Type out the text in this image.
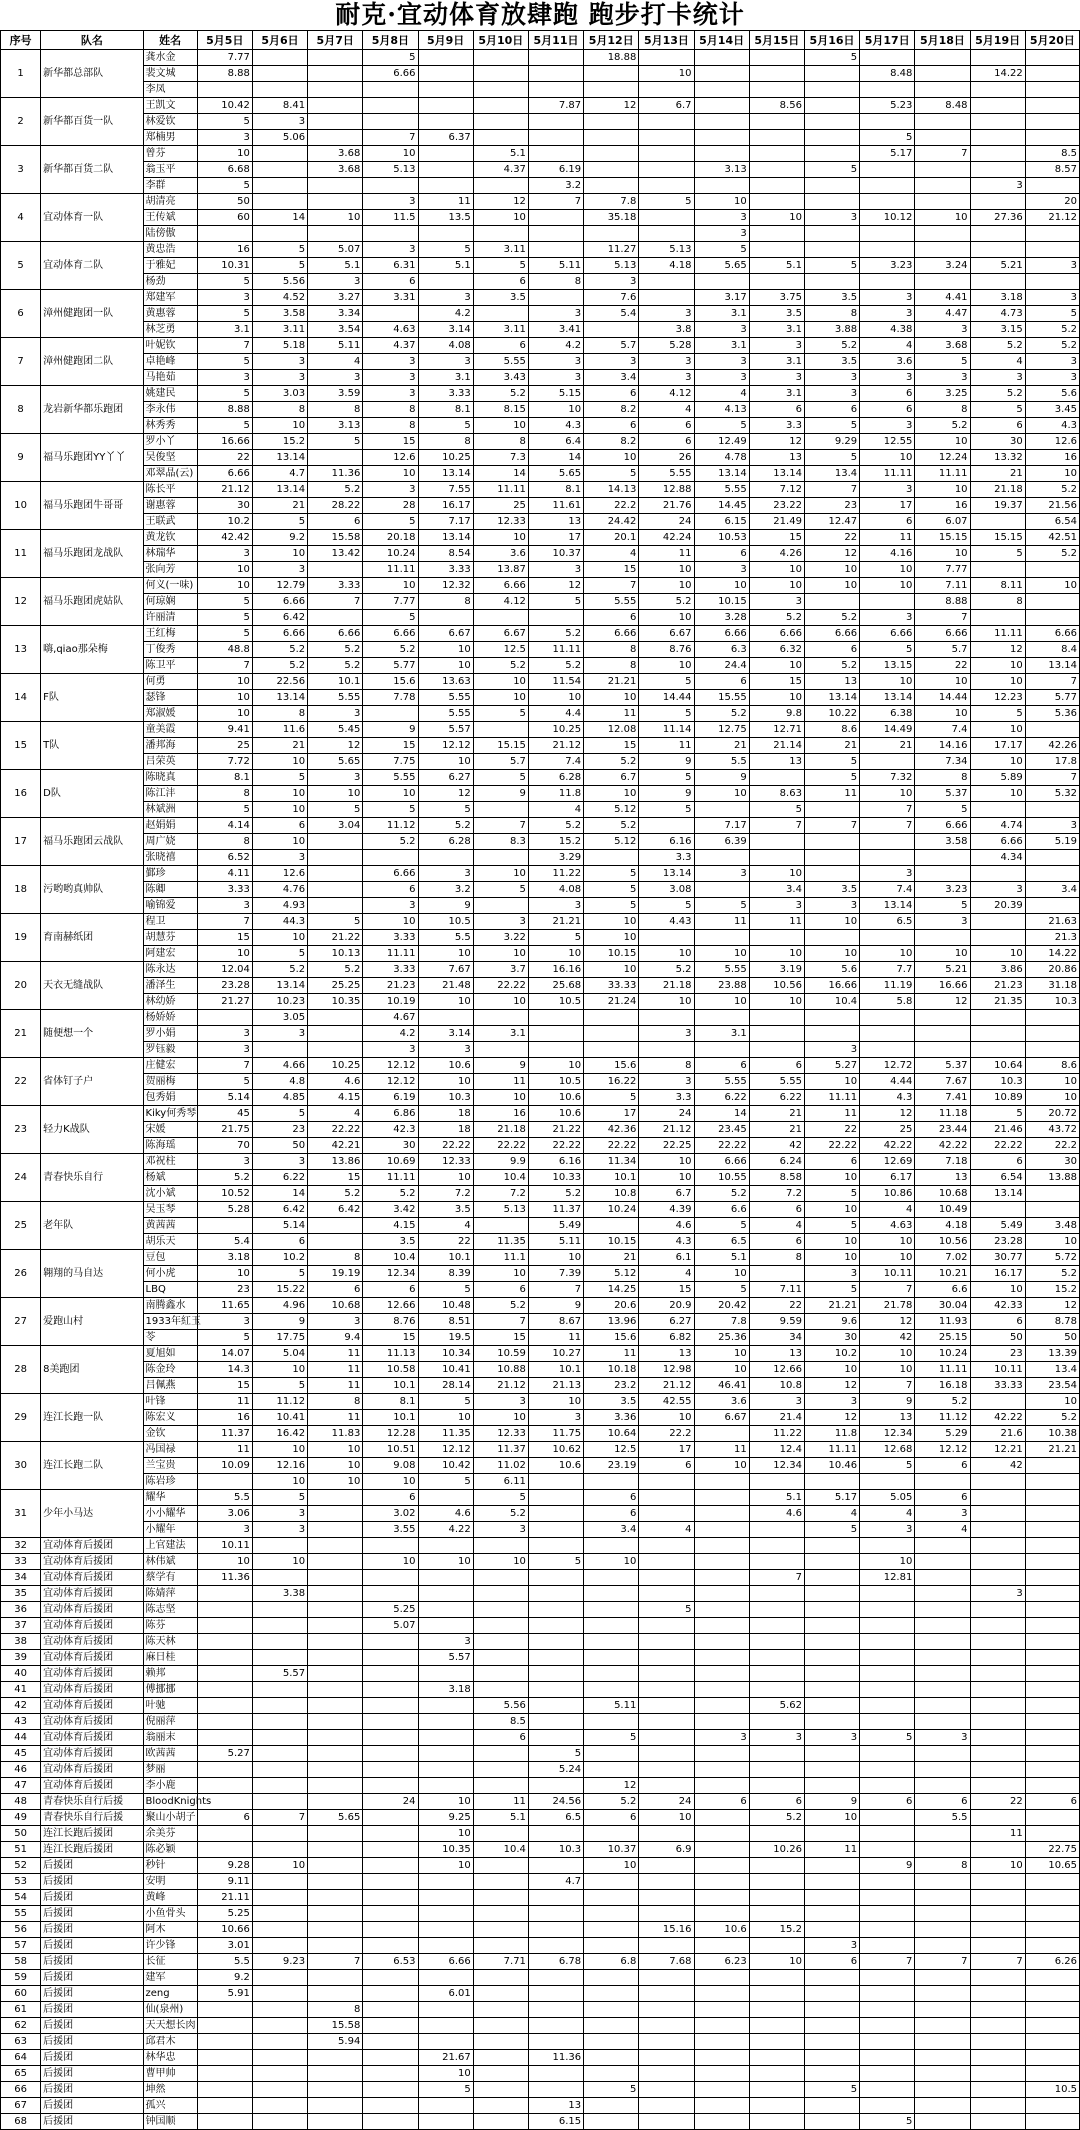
耐克·宜动体育放肆跑 跑步打卡统计
序号	队名	姓名	5月5日	5月6日	5月7日	5月8日	5月9日	5月10日	5月11日	5月12日	5月13日	5月14日	5月15日	5月16日	5月17日	5月18日	5月19日	5月20日
1	新华都总部队	龚水金	7.77			5				18.88				5				
		裴文城	8.88			6.66					10				8.48		14.22	
		李凤																
2	新华都百货一队	王凯文	10.42	8.41					7.87	12	6.7		8.56		5.23	8.48		
		林爱钦	5	3														
		郑楠男	3	5.06		7	6.37								5			
3	新华都百货二队	曾芬	10		3.68	10		5.1							5.17	7		8.5
		翁玉平	6.68		3.68	5.13		4.37	6.19			3.13		5				8.57
		李群	5						3.2								3	
4	宜动体育一队	胡清亮	50			3	11	12	7	7.8	5	10						20
		王传斌	60	14	10	11.5	13.5	10		35.18		3	10	3	10.12	10	27.36	21.12
		陆傍傲										3						
5	宜动体育二队	黄忠浩	16	5	5.07	3	5	3.11		11.27	5.13	5						
		于雅妃	10.31	5	5.1	6.31	5.1	5	5.11	5.13	4.18	5.65	5.1	5	3.23	3.24	5.21	3
		杨劲	5	5.56	3	6		6	8	3								
6	漳州健跑团一队	郑建军	3	4.52	3.27	3.31	3	3.5		7.6		3.17	3.75	3.5	3	4.41	3.18	3
		黄惠蓉	5	3.58	3.34		4.2		3	5.4	3	3.1	3.5	8	3	4.47	4.73	5
		林芝勇	3.1	3.11	3.54	4.63	3.14	3.11	3.41		3.8	3	3.1	3.88	4.38	3	3.15	5.2
7	漳州健跑团二队	叶妮钦	7	5.18	5.11	4.37	4.08	6	4.2	5.7	5.28	3.1	3	5.2	4	3.68	5.2	5.2
		卓艳峰	5	3	4	3	3	5.55	3	3	3	3	3.1	3.5	3.6	5	4	3
		马艳茹	3	3	3	3	3.1	3.43	3	3.4	3	3	3	3	3	3	3	3
8	龙岩新华都乐跑团	姚建民	5	3.03	3.59	3	3.33	5.2	5.15	6	4.12	4	3.1	3	6	3.25	5.2	5.6
		李永伟	8.88	8	8	8	8.1	8.15	10	8.2	4	4.13	6	6	6	8	5	3.45
		林秀秀	5	10	3.13	8	5	10	4.3	6	6	5	3.3	5	3	5.2	6	4.3
9	福马乐跑团YY丫丫	罗小丫	16.66	15.2	5	15	8	8	6.4	8.2	6	12.49	12	9.29	12.55	10	30	12.6
		吴俊坚	22	13.14		12.6	10.25	7.3	14	10	26	4.78	13	5	10	12.24	13.32	16
		邓翠晶(云)	6.66	4.7	11.36	10	13.14	14	5.65	5	5.55	13.14	13.14	13.4	11.11	11.11	21	10
10	福马乐跑团牛哥哥	陈长平	21.12	13.14	5.2	3	7.55	11.11	8.1	14.13	12.88	5.55	7.12	7	3	10	21.18	5.2
		谢惠蓉	30	21	28.22	28	16.17	25	11.61	22.2	21.76	14.45	23.22	23	17	16	19.37	21.56
		王联武	10.2	5	6	5	7.17	12.33	13	24.42	24	6.15	21.49	12.47	6	6.07		6.54
11	福马乐跑团龙战队	黄龙钦	42.42	9.2	15.58	20.18	13.14	10	17	20.1	42.24	10.53	15	22	11	15.15	15.15	42.51
		林瑞华	3	10	13.42	10.24	8.54	3.6	10.37	4	11	6	4.26	12	4.16	10	5	5.2
		张向芳	10	3		11.11	3.33	13.87	3	15	10	3	10	10	10	7.77		
12	福马乐跑团虎姑队	何义(一味)	10	12.79	3.33	10	12.32	6.66	12	7	10	10	10	10	10	7.11	8.11	10
		何琼娴	5	6.66	7	7.77	8	4.12	5	5.55	5.2	10.15	3			8.88	8	
		许丽清	5	6.42		5				6	10	3.28	5.2	5.2	3	7		
13	嗨,qiao那朵梅	王红梅	5	6.66	6.66	6.66	6.67	6.67	5.2	6.66	6.67	6.66	6.66	6.66	6.66	6.66	11.11	6.66
		丁俊秀	48.8	5.2	5.2	5.2	10	12.5	11.11	8	8.76	6.3	6.32	6	5	5.7	12	8.4
		陈卫平	7	5.2	5.2	5.77	10	5.2	5.2	8	10	24.4	10	5.2	13.15	22	10	13.14
14	F队	何勇	10	22.56	10.1	15.6	13.63	10	11.54	21.21	5	6	15	13	10	10	10	7
		瑟锋	10	13.14	5.55	7.78	5.55	10	10	10	14.44	15.55	10	13.14	13.14	14.44	12.23	5.77
		郑淑媛	10	8	3		5.55	5	4.4	11	5	5.2	9.8	10.22	6.38	10	5	5.36
15	T队	童美霞	9.41	11.6	5.45	9	5.57		10.25	12.08	11.14	12.75	12.71	8.6	14.49	7.4	10	
		潘邦海	25	21	12	15	12.12	15.15	21.12	15	11	21	21.14	21	21	14.16	17.17	42.26
		吕荣英	7.72	10	5.65	7.75	10	5.7	7.4	5.2	9	5.5	13	5		7.34	10	17.8
16	D队	陈晓真	8.1	5	3	5.55	6.27	5	6.28	6.7	5	9		5	7.32	8	5.89	7
		陈江沣	8	10	10	10	12	9	11.8	10	9	10	8.63	11	10	5.37	10	5.32
		林斌洲	5	10	5	5	5		4	5.12	5		5		7	5		
17	福马乐跑团云战队	赵娟娟	4.14	6	3.04	11.12	5.2	7	5.2	5.2		7.17	7	7	7	6.66	4.74	3
		周广娆	8	10		5.2	6.28	8.3	15.2	5.12	6.16	6.39				3.58	6.66	5.19
		张晓禧	6.52	3					3.29		3.3						4.34	
18	污哟哟真帅队	鄞珍	4.11	12.6		6.66	3	10	11.22	5	13.14	3	10		3			
		陈卿	3.33	4.76		6	3.2	5	4.08	5	3.08		3.4	3.5	7.4	3.23	3	3.4
		喻锦爱	3	4.93		3	9		3	5	5	5	3	3	13.14	5	20.39	
19	育南赫纸团	程卫	7	44.3	5	10	10.5	3	21.21	10	4.43	11	11	10	6.5	3		21.63
		胡慧芬	15	10	21.22	3.33	5.5	3.22	5	10								21.3
		阿建宏	10	5	10.13	11.11	10	10	10	10.15	10	10	10	10	10	10	10	14.22
20	天衣无缝战队	陈永达	12.04	5.2	5.2	3.33	7.67	3.7	16.16	10	5.2	5.55	3.19	5.6	7.7	5.21	3.86	20.86
		潘泽生	23.28	13.14	25.25	21.23	21.48	22.22	25.68	33.33	21.18	23.88	10.56	16.66	11.19	16.66	21.23	31.18
		林幼娇	21.27	10.23	10.35	10.19	10	10	10.5	21.24	10	10	10	10.4	5.8	12	21.35	10.3
21	随便想一个	杨娇娇		3.05		4.67												
		罗小娟	3	3		4.2	3.14	3.1			3	3.1						
		罗钰毅	3			3	3							3				
22	省体钉子户	庄健宏	7	4.66	10.25	12.12	10.6	9	10	15.6	8	6	6	5.27	12.72	5.37	10.64	8.6
		贺丽梅	5	4.8	4.6	12.12	10	11	10.5	16.22	3	5.55	5.55	10	4.44	7.67	10.3	10
		包秀娟	5.14	4.85	4.15	6.19	10.3	10	10.6	5	3.3	6.22	6.22	11.11	4.3	7.41	10.89	10
23	轻力K战队	Kiky何秀琴	45	5	4	6.86	18	16	10.6	17	24	14	21	11	12	11.18	5	20.72
		宋媛	21.75	23	22.22	42.3	18	21.18	21.22	42.36	21.12	23.45	21	22	25	23.44	21.46	43.72
		陈海瑶	70	50	42.21	30	22.22	22.22	22.22	22.22	22.25	22.22	42	22.22	42.22	42.22	22.22	22.2
24	青春快乐自行	邓祝柱	3	3	13.86	10.69	12.33	9.9	6.16	11.34	10	6.66	6.24	6	12.69	7.18	6	30
		杨斌	5.2	6.22	15	11.11	10	10.4	10.33	10.1	10	10.55	8.58	10	6.17	13	6.54	13.88
		沈小斌	10.52	14	5.2	5.2	7.2	7.2	5.2	10.8	6.7	5.2	7.2	5	10.86	10.68	13.14	
25	老年队	吴玉琴	5.28	6.42	6.42	3.42	3.5	5.13	11.37	10.24	4.39	6.6	6	10	4	10.49		
		黄茜茜		5.14		4.15	4		5.49		4.6	5	4	5	4.63	4.18	5.49	3.48
		胡乐天	5.4	6		3.5	22	11.35	5.11	10.15	4.3	6.5	6	10	10	10.56	23.28	10
26	翱翔的马自达	豆包	3.18	10.2	8	10.4	10.1	11.1	10	21	6.1	5.1	8	10	10	7.02	30.77	5.72
		何小虎	10	5	19.19	12.34	8.39	10	7.39	5.12	4	10		3	10.11	10.21	16.17	5.2
		LBQ	23	15.22	6	6	5	6	7	14.25	15	5	7.11	5	7	6.6	10	15.2
27	爱跑山村	南腾鑫水	11.65	4.96	10.68	12.66	10.48	5.2	9	20.6	20.9	20.42	22	21.21	21.78	30.04	42.33	12
		1933年紅玉	3	9	3	8.76	8.51	7	8.67	13.96	6.27	7.8	9.59	9.6	12	11.93	6	8.78
		苓	5	17.75	9.4	15	19.5	15	11	15.6	6.82	25.36	34	30	42	25.15	50	50
28	8美跑团	夏旭如	14.07	5.04	11	11.13	10.34	10.59	10.27	11	13	10	13	10.2	10	10.24	23	13.39
		陈金玲	14.3	10	11	10.58	10.41	10.88	10.1	10.18	12.98	10	12.66	10	10	11.11	10.11	13.4
		吕佩燕	15	5	11	10.1	28.14	21.12	21.13	23.2	21.12	46.41	10.8	12	7	16.18	33.33	23.54
29	连江长跑一队	叶锋	11	11.12	8	8.1	5	3	10	3.5	42.55	3.6	3	3	9	5.2		10
		陈宏义	16	10.41	11	10.1	10	10	3	3.36	10	6.67	21.4	12	13	11.12	42.22	5.2
		金钦	11.37	16.42	11.83	12.28	11.35	12.33	11.75	10.64	22.2		11.22	11.8	12.34	5.29	21.6	10.38
30	连江长跑二队	冯国禄	11	10	10	10.51	12.12	11.37	10.62	12.5	17	11	12.4	11.11	12.68	12.12	12.21	21.21
		兰宝贵	10.09	12.16	10	9.08	10.42	11.02	10.6	23.19	6	10	12.34	10.46	5	6	42	
		陈岩珍		10	10	10	5	6.11										
31	少年小马达	耀华	5.5	5		6		5		6			5.1	5.17	5.05	6		
		小小耀华	3.06	3		3.02	4.6	5.2		6			4.6	4	4	3		
		小耀年	3	3		3.55	4.22	3		3.4	4			5	3	4		
32	宜动体育后援团	上官建法	10.11															
33	宜动体育后援团	林伟斌	10	10		10	10	10	5	10					10			
34	宜动体育后援团	蔡学有	11.36										7		12.81			
35	宜动体育后援团	陈婧萍		3.38													3	
36	宜动体育后援团	陈志坚				5.25					5							
37	宜动体育后援团	陈芬				5.07												
38	宜动体育后援团	陈天林					3											
39	宜动体育后援团	麻日桂					5.57											
40	宜动体育后援团	赖邦		5.57														
41	宜动体育后援团	傅挪挪					3.18											
42	宜动体育后援团	叶驰						5.56		5.11			5.62					
43	宜动体育后援团	倪丽萍						8.5										
44	宜动体育后援团	翁丽末						6		5		3	3	3	5	3		
45	宜动体育后援团	欧茜茜	5.27						5									
46	宜动体育后援团	梦丽							5.24									
47	宜动体育后援团	李小鹿								12								
48	青春快乐自行后援	BloodKnights				24	10	11	24.56	5.2	24	6	6	9	6	6	22	6
49	青春快乐自行后援	聚山小胡子	6	7	5.65		9.25	5.1	6.5	6	10		5.2	10		5.5		
50	连江长跑后援团	余美芬					10										11	
51	连江长跑后援团	陈必颖					10.35	10.4	10.3	10.37	6.9		10.26	11				22.75
52	后援团	秒针	9.28	10			10			10					9	8	10	10.65
53	后援团	安明	9.11						4.7									
54	后援团	黄峰	21.11															
55	后援团	小鱼骨头	5.25															
56	后援团	阿木	10.66								15.16	10.6	15.2					
57	后援团	许少锋	3.01											3				
58	后援团	长征	5.5	9.23	7	6.53	6.66	7.71	6.78	6.8	7.68	6.23	10	6	7	7	7	6.26
59	后援团	建军	9.2															
60	后援团	zeng	5.91				6.01											
61	后援团	仙(泉州)			8													
62	后援团	天天想长肉			15.58													
63	后援团	邱君木			5.94													
64	后援团	林华忠					21.67		11.36									
65	后援团	曹甲帅					10											
66	后援团	坤然					5			5				5				10.5
67	后援团	孤兴							13									
68	后援团	钟国顺							6.15						5			
